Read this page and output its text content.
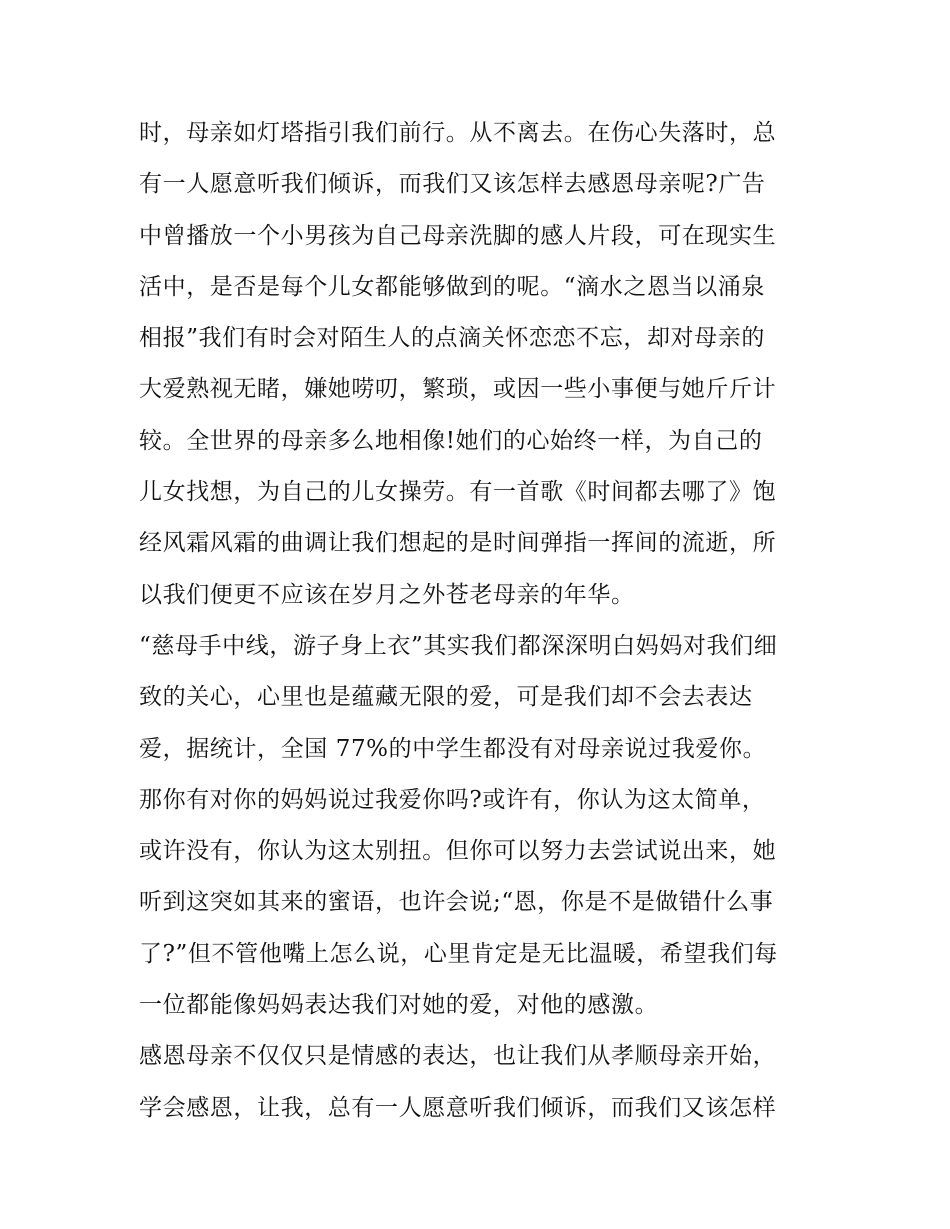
时，母亲如灯塔指引我们前行。从不离去。在伤心失落时，总
有一人愿意听我们倾诉，而我们又该怎样去感恩母亲呢?广告
中曾播放一个小男孩为自己母亲洗脚的感人片段，可在现实生
活中，是否是每个儿女都能够做到的呢。“滴水之恩当以涌泉
相报”我们有时会对陌生人的点滴关怀恋恋不忘，却对母亲的
大爱熟视无睹，嫌她唠叨，繁琐，或因一些小事便与她斤斤计
较。全世界的母亲多么地相像!她们的心始终一样，为自己的
儿女找想，为自己的儿女操劳。有一首歌《时间都去哪了》饱
经风霜风霜的曲调让我们想起的是时间弹指一挥间的流逝，所
以我们便更不应该在岁月之外苍老母亲的年华。
“慈母手中线，游子身上衣”其实我们都深深明白妈妈对我们细
致的关心，心里也是蕴藏无限的爱，可是我们却不会去表达
爱，据统计，全国 77%的中学生都没有对母亲说过我爱你。
那你有对你的妈妈说过我爱你吗?或许有，你认为这太简单，
或许没有，你认为这太别扭。但你可以努力去尝试说出来，她
听到这突如其来的蜜语，也许会说;“恩，你是不是做错什么事
了?”但不管他嘴上怎么说，心里肯定是无比温暖，希望我们每
一位都能像妈妈表达我们对她的爱，对他的感激。
感恩母亲不仅仅只是情感的表达，也让我们从孝顺母亲开始，
学会感恩，让我，总有一人愿意听我们倾诉，而我们又该怎样
